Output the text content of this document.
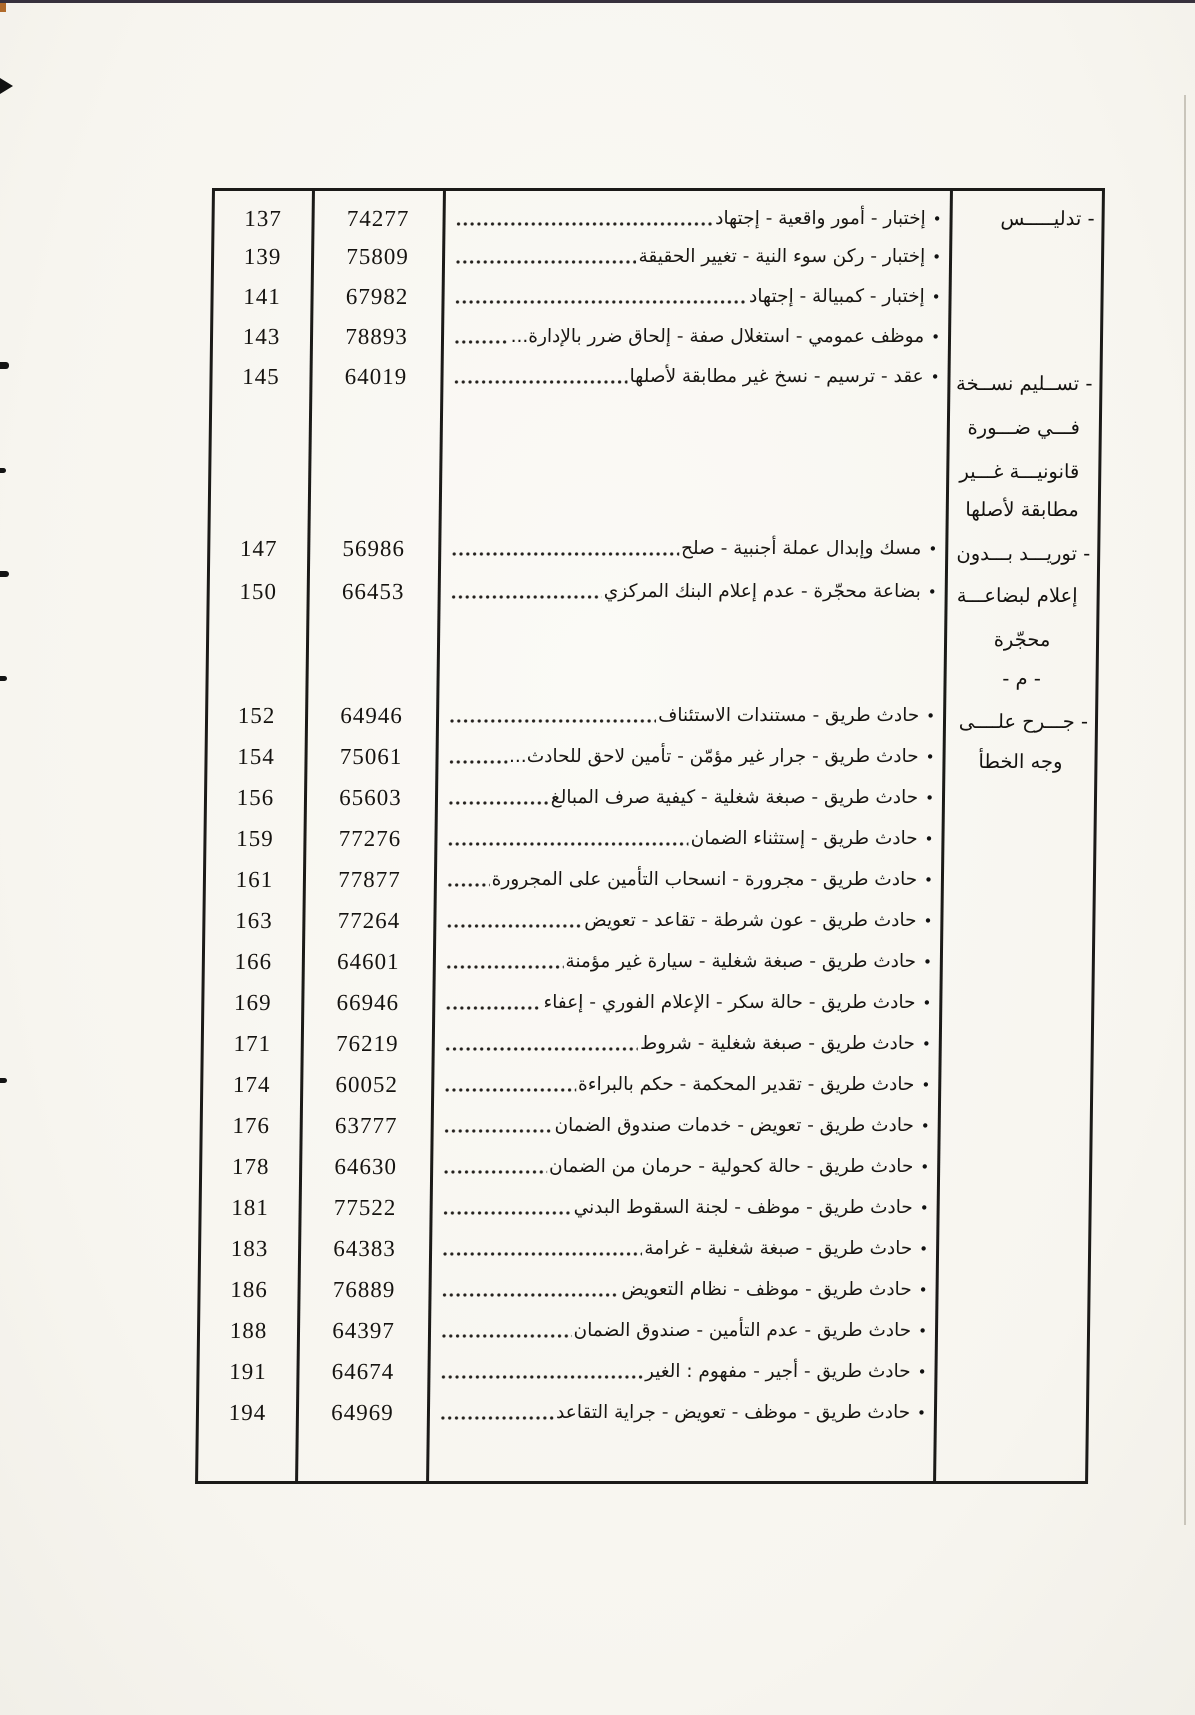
137
139
141
143
145
147
150
152
154
156
159
161
163
166
169
171
174
176
178
181
183
186
188
191
194
74277
75809
67982
78893
64019
56986
66453
64946
75061
65603
77276
77877
77264
64601
66946
76219
60052
63777
64630
77522
64383
76889
64397
64674
64969
•
إختبار - أمور واقعية - إجتهاد
•
إختبار - ركن سوء النية - تغيير الحقيقة
•
إختبار - كمبيالة - إجتهاد
•
موظف عمومي - استغلال صفة - إلحاق ضرر بالإدارة...
•
عقد - ترسيم - نسخ غير مطابقة لأصلها
•
مسك وإبدال عملة أجنبية - صلح
•
بضاعة محجّرة - عدم إعلام البنك المركزي
•
حادث طريق - مستندات الاستئناف
•
حادث طريق - جرار غير مؤمّن - تأمين لاحق للحادث...
•
حادث طريق - صبغة شغلية - كيفية صرف المبالغ
•
حادث طريق - إستثناء الضمان
•
حادث طريق - مجرورة - انسحاب التأمين على المجرورة
•
حادث طريق - عون شرطة - تقاعد - تعويض
•
حادث طريق - صبغة شغلية - سيارة غير مؤمنة
•
حادث طريق - حالة سكر - الإعلام الفوري - إعفاء
•
حادث طريق - صبغة شغلية - شروط
•
حادث طريق - تقدير المحكمة - حكم بالبراءة
•
حادث طريق - تعويض - خدمات صندوق الضمان
•
حادث طريق - حالة كحولية - حرمان من الضمان
•
حادث طريق - موظف - لجنة السقوط البدني
•
حادث طريق - صبغة شغلية - غرامة
•
حادث طريق - موظف - نظام التعويض
•
حادث طريق - عدم التأمين - صندوق الضمان
•
حادث طريق - أجير - مفهوم : الغير
•
حادث طريق - موظف - تعويض - جراية التقاعد
- تدليـــــس
- تســليم نســخة
فـــي ضـــورة
قانونيـــة غـــير
مطابقة لأصلها
- توريـــد بـــدون
إعلام لبضاعـــة
محجّرة
- م -
- جـــرح علــــى
وجه الخطأ
